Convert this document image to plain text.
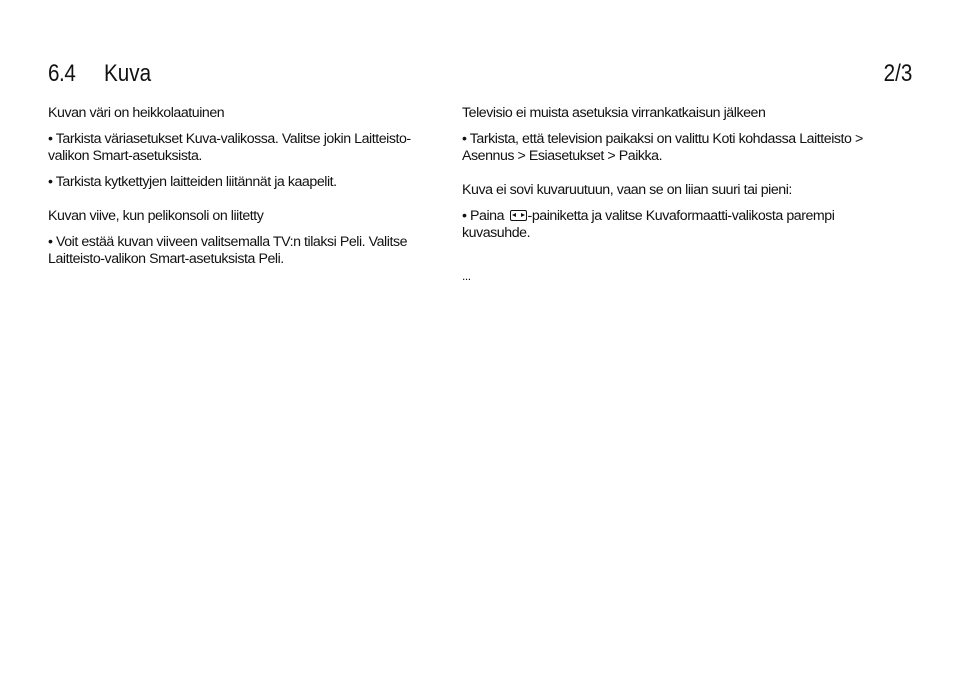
6.4 Kuva	2/3
Kuvan väri on heikkolaatuinen
• Tarkista väriasetukset Kuva-valikossa. Valitse jokin Laitteisto-valikon Smart-asetuksista.
• Tarkista kytkettyjen laitteiden liitännät ja kaapelit.
Kuvan viive, kun pelikonsoli on liitetty
• Voit estää kuvan viiveen valitsemalla TV:n tilaksi Peli. Valitse Laitteisto-valikon Smart-asetuksista Peli.
Televisio ei muista asetuksia virrankatkaisun jälkeen
• Tarkista, että television paikaksi on valittu Koti kohdassa Laitteisto > Asennus > Esiasetukset > Paikka.
Kuva ei sovi kuvaruutuun, vaan se on liian suuri tai pieni:
• Paina -painiketta ja valitse Kuvaformaatti-valikosta parempi kuvasuhde.
...
